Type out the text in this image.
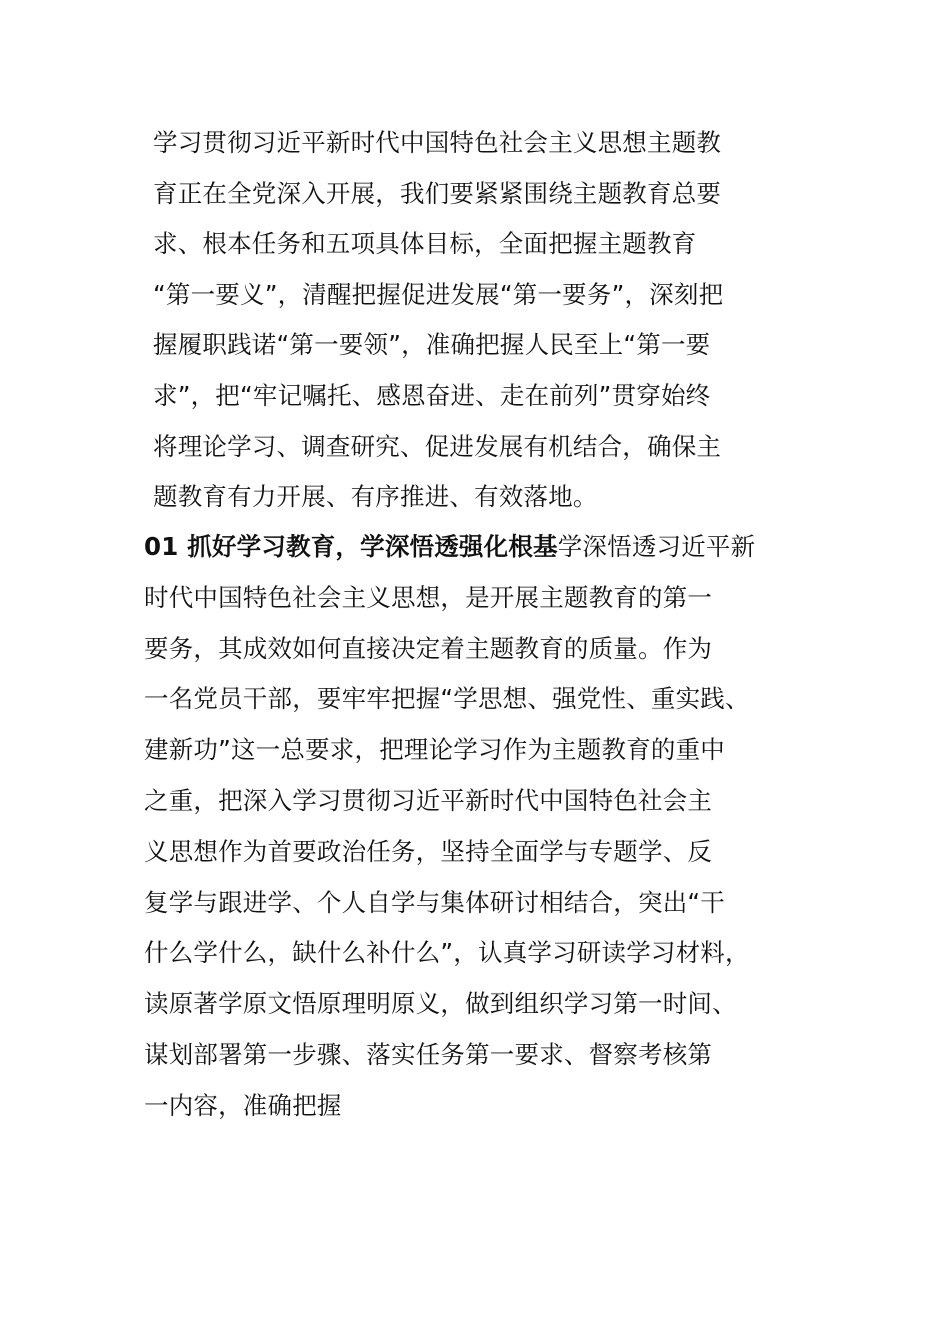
学习贯彻习近平新时代中国特色社会主义思想主题教
育正在全党深入开展，我们要紧紧围绕主题教育总要
求、根本任务和五项具体目标，全面把握主题教育
“第一要义”，清醒把握促进发展“第一要务”，深刻把
握履职践诺“第一要领”，准确把握人民至上“第一要
求”，把“牢记嘱托、感恩奋进、走在前列”贯穿始终
将理论学习、调查研究、促进发展有机结合，确保主
题教育有力开展、有序推进、有效落地。
01 抓好学习教育，学深悟透强化根基学深悟透习近平新
时代中国特色社会主义思想，是开展主题教育的第一
要务，其成效如何直接决定着主题教育的质量。作为
一名党员干部，要牢牢把握“学思想、强党性、重实践、
建新功”这一总要求，把理论学习作为主题教育的重中
之重，把深入学习贯彻习近平新时代中国特色社会主
义思想作为首要政治任务，坚持全面学与专题学、反
复学与跟进学、个人自学与集体研讨相结合，突出“干
什么学什么，缺什么补什么”，认真学习研读学习材料，
读原著学原文悟原理明原义，做到组织学习第一时间、
谋划部署第一步骤、落实任务第一要求、督察考核第
一内容，准确把握
